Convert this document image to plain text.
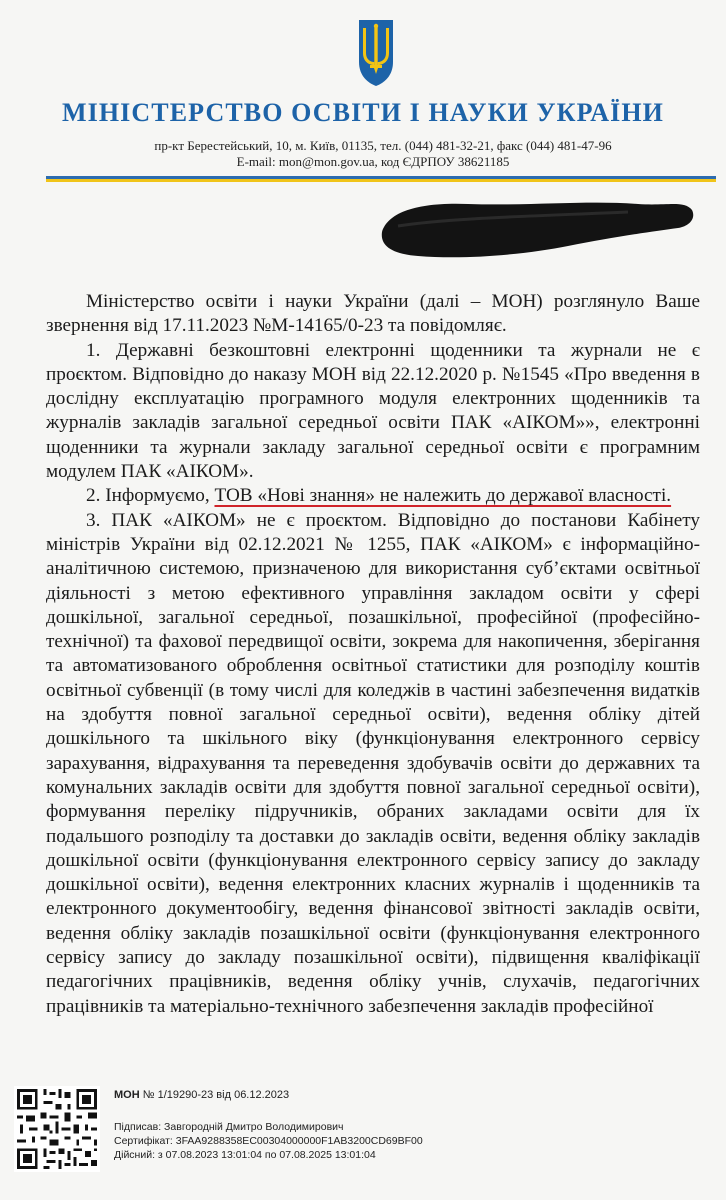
МІНІСТЕРСТВО ОСВІТИ І НАУКИ УКРАЇНИ
пр-кт Берестейський, 10, м. Київ, 01135, тел. (044) 481-32-21, факс (044) 481-47-96
E-mail: mon@mon.gov.ua, код ЄДРПОУ 38621185

Міністерство освіти і науки України (далі – МОН) розглянуло Ваше звернення від 17.11.2023 №М-14165/0-23 та повідомляє.

1. Державні безкоштовні електронні щоденники та журнали не є проєктом. Відповідно до наказу МОН від 22.12.2020 р. №1545 «Про введення в дослідну експлуатацію програмного модуля електронних щоденників та журналів закладів загальної середньої освіти ПАК «АІКОМ»», електронні щоденники та журнали закладу загальної середньої освіти є програмним модулем ПАК «АІКОМ».

2. Інформуємо, ТОВ «Нові знання» не належить до державої власності.

3. ПАК «АІКОМ» не є проєктом. Відповідно до постанови Кабінету міністрів України від 02.12.2021 № 1255, ПАК «АІКОМ» є інформаційно-аналітичною системою, призначеною для використання суб’єктами освітньої діяльності з метою ефективного управління закладом освіти у сфері дошкільної, загальної середньої, позашкільної, професійної (професійно-технічної) та фахової передвищої освіти, зокрема для накопичення, зберігання та автоматизованого оброблення освітньої статистики для розподілу коштів освітньої субвенції (в тому числі для коледжів в частині забезпечення видатків на здобуття повної загальної середньої освіти), ведення обліку дітей дошкільного та шкільного віку (функціонування електронного сервісу зарахування, відрахування та переведення здобувачів освіти до державних та комунальних закладів освіти для здобуття повної загальної середньої освіти), формування переліку підручників, обраних закладами освіти для їх подальшого розподілу та доставки до закладів освіти, ведення обліку закладів дошкільної освіти (функціонування електронного сервісу запису до закладу дошкільної освіти), ведення електронних класних журналів і щоденників та електронного документообігу, ведення фінансової звітності закладів освіти, ведення обліку закладів позашкільної освіти (функціонування електронного сервісу запису до закладу позашкільної освіти), підвищення кваліфікації педагогічних працівників, ведення обліку учнів, слухачів, педагогічних працівників та матеріально-технічного забезпечення закладів професійної

МОН № 1/19290-23 від 06.12.2023
Підписав: Завгородній Дмитро Володимирович
Сертифікат: 3FAA9288358EC00304000000F1AB3200CD69BF00
Дійсний: з 07.08.2023 13:01:04 по 07.08.2025 13:01:04
